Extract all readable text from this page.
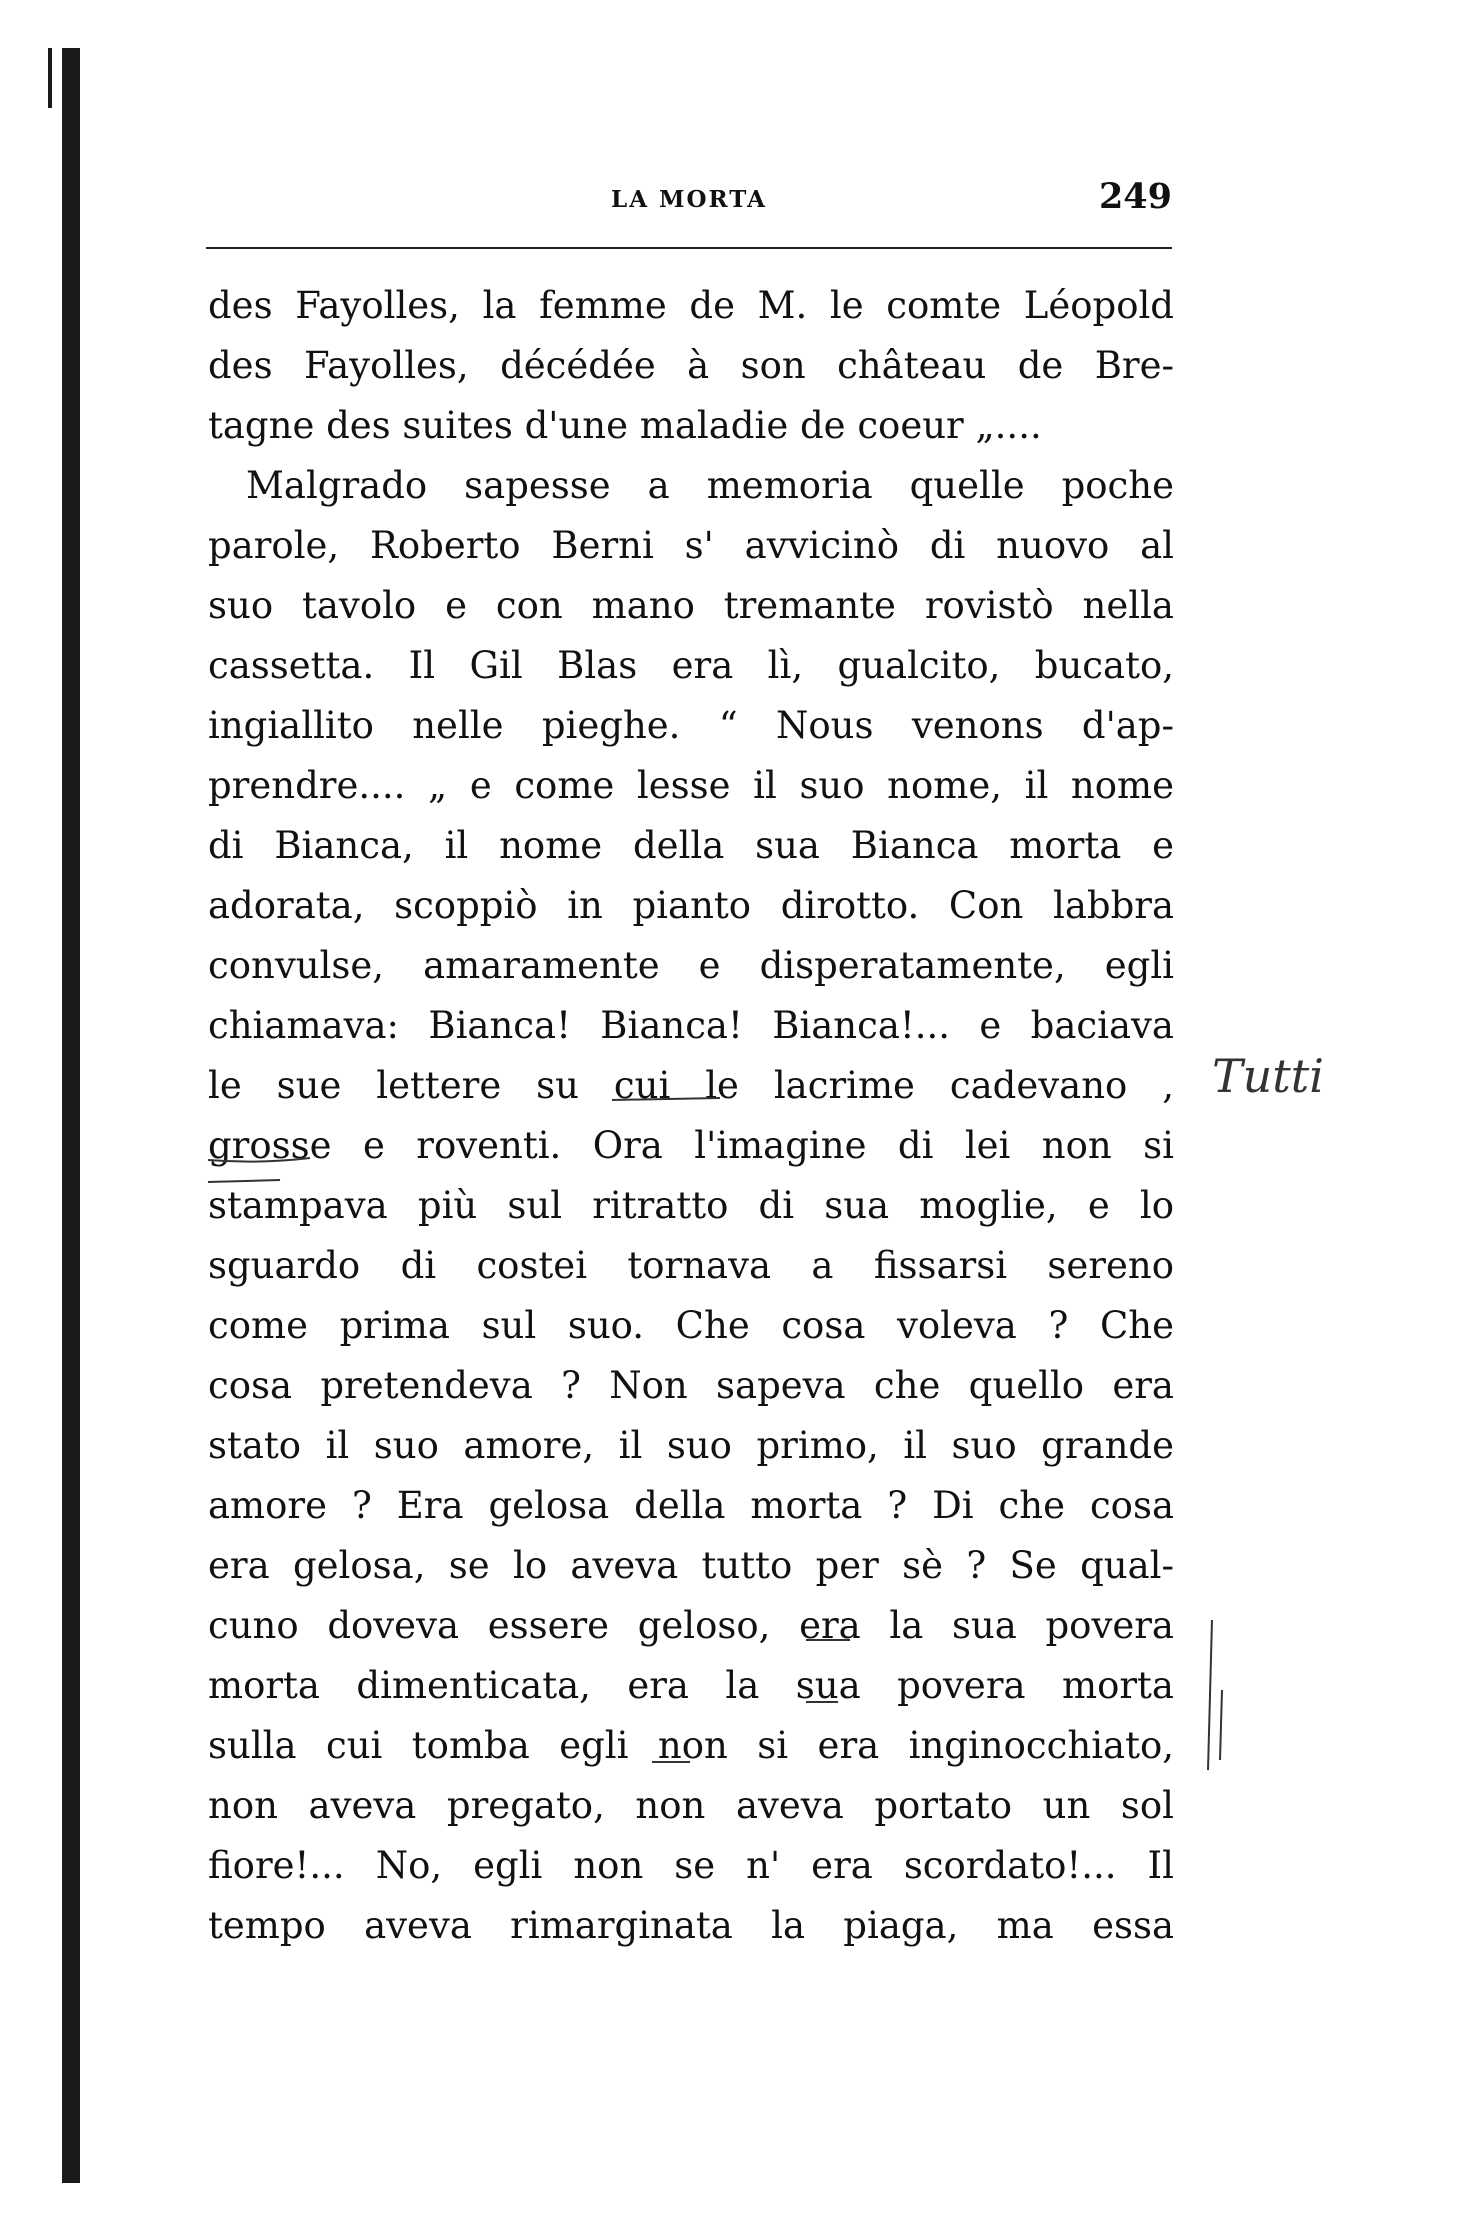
LA MORTA	249
des Fayolles, la femme de M. le comte Léopold
des Fayolles, décédée à son château de Bre-
tagne des suites d'une maladie de coeur „....
Malgrado sapesse a memoria quelle poche
parole, Roberto Berni s' avvicinò di nuovo al
suo tavolo e con mano tremante rovistò nella
cassetta. Il Gil Blas era lì, gualcito, bucato,
ingiallito nelle pieghe. “ Nous venons d'ap-
prendre.... „ e come lesse il suo nome, il nome
di Bianca, il nome della sua Bianca morta e
adorata, scoppiò in pianto dirotto. Con labbra
convulse, amaramente e disperatamente, egli
chiamava: Bianca! Bianca! Bianca!... e baciava
le sue lettere su cui le lacrime cadevano ,
grosse e roventi. Ora l'imagine di lei non si
stampava più sul ritratto di sua moglie, e lo
sguardo di costei tornava a fissarsi sereno
come prima sul suo. Che cosa voleva ? Che
cosa pretendeva ? Non sapeva che quello era
stato il suo amore, il suo primo, il suo grande
amore ? Era gelosa della morta ? Di che cosa
era gelosa, se lo aveva tutto per sè ? Se qual-
cuno doveva essere geloso, era la sua povera
morta dimenticata, era la sua povera morta
sulla cui tomba egli non si era inginocchiato,
non aveva pregato, non aveva portato un sol
fiore!... No, egli non se n' era scordato!... Il
tempo aveva rimarginata la piaga, ma essa
Tutti
